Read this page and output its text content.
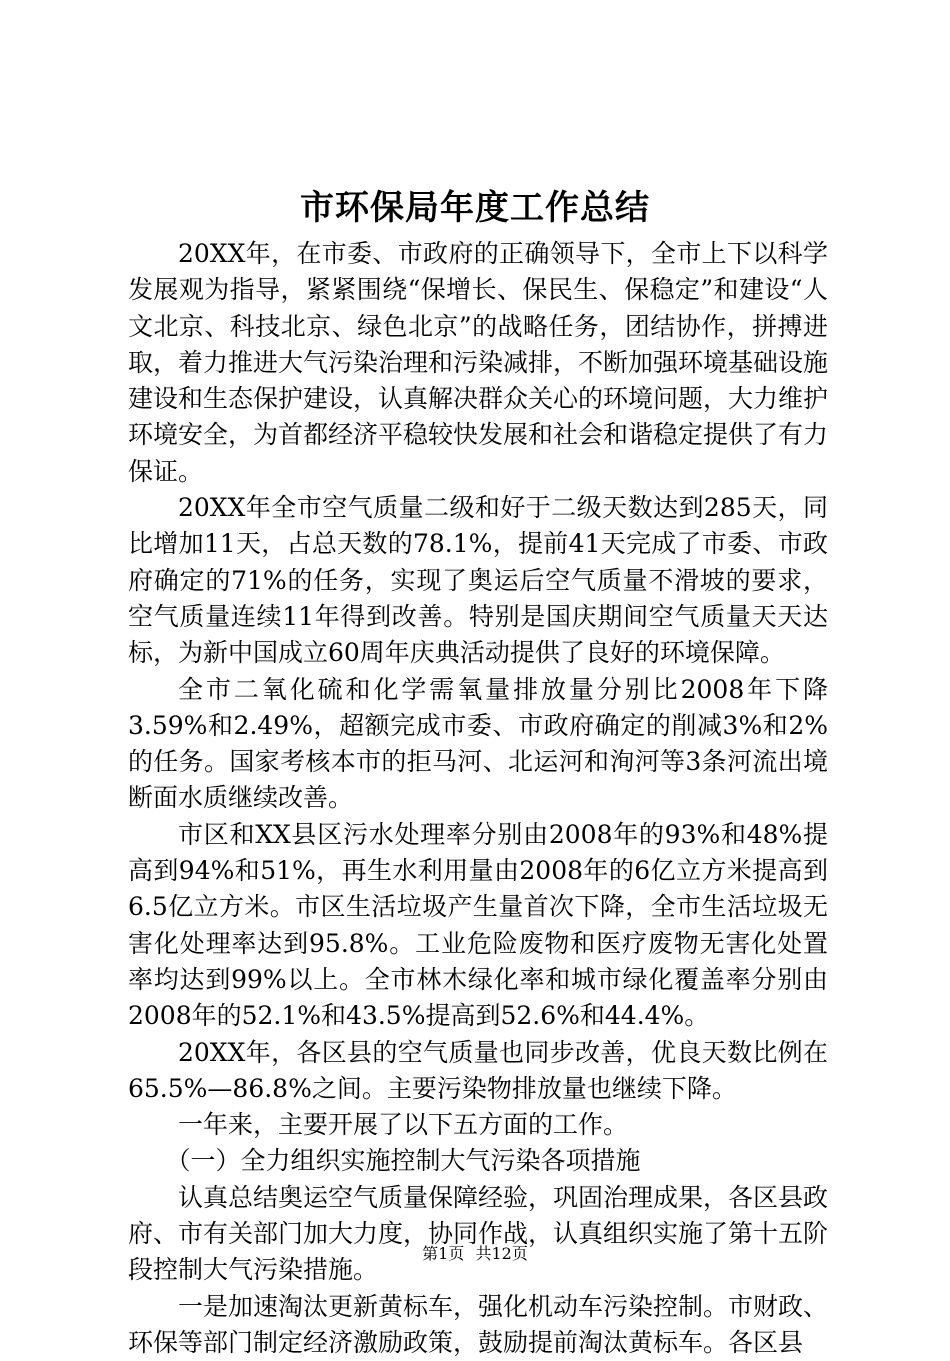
市环保局年度工作总结

20XX年，在市委、市政府的正确领导下，全市上下以科学发展观为指导，紧紧围绕“保增长、保民生、保稳定”和建设“人文北京、科技北京、绿色北京”的战略任务，团结协作，拼搏进取，着力推进大气污染治理和污染减排，不断加强环境基础设施建设和生态保护建设，认真解决群众关心的环境问题，大力维护环境安全，为首都经济平稳较快发展和社会和谐稳定提供了有力保证。

20XX年全市空气质量二级和好于二级天数达到285天，同比增加11天，占总天数的78.1%，提前41天完成了市委、市政府确定的71%的任务，实现了奥运后空气质量不滑坡的要求，空气质量连续11年得到改善。特别是国庆期间空气质量天天达标，为新中国成立60周年庆典活动提供了良好的环境保障。

全市二氧化硫和化学需氧量排放量分别比2008年下降3.59%和2.49%，超额完成市委、市政府确定的削减3%和2%的任务。国家考核本市的拒马河、北运河和洵河等3条河流出境断面水质继续改善。

市区和XX县区污水处理率分别由2008年的93%和48%提高到94%和51%，再生水利用量由2008年的6亿立方米提高到6.5亿立方米。市区生活垃圾产生量首次下降，全市生活垃圾无害化处理率达到95.8%。工业危险废物和医疗废物无害化处置率均达到99%以上。全市林木绿化率和城市绿化覆盖率分别由2008年的52.1%和43.5%提高到52.6%和44.4%。

20XX年，各区县的空气质量也同步改善，优良天数比例在65.5%—86.8%之间。主要污染物排放量也继续下降。

一年来，主要开展了以下五方面的工作。

（一）全力组织实施控制大气污染各项措施

认真总结奥运空气质量保障经验，巩固治理成果，各区县政府、市有关部门加大力度，协同作战，认真组织实施了第十五阶段控制大气污染措施。

一是加速淘汰更新黄标车，强化机动车污染控制。市财政、环保等部门制定经济激励政策，鼓励提前淘汰黄标车。各区县

第1页 共12页
